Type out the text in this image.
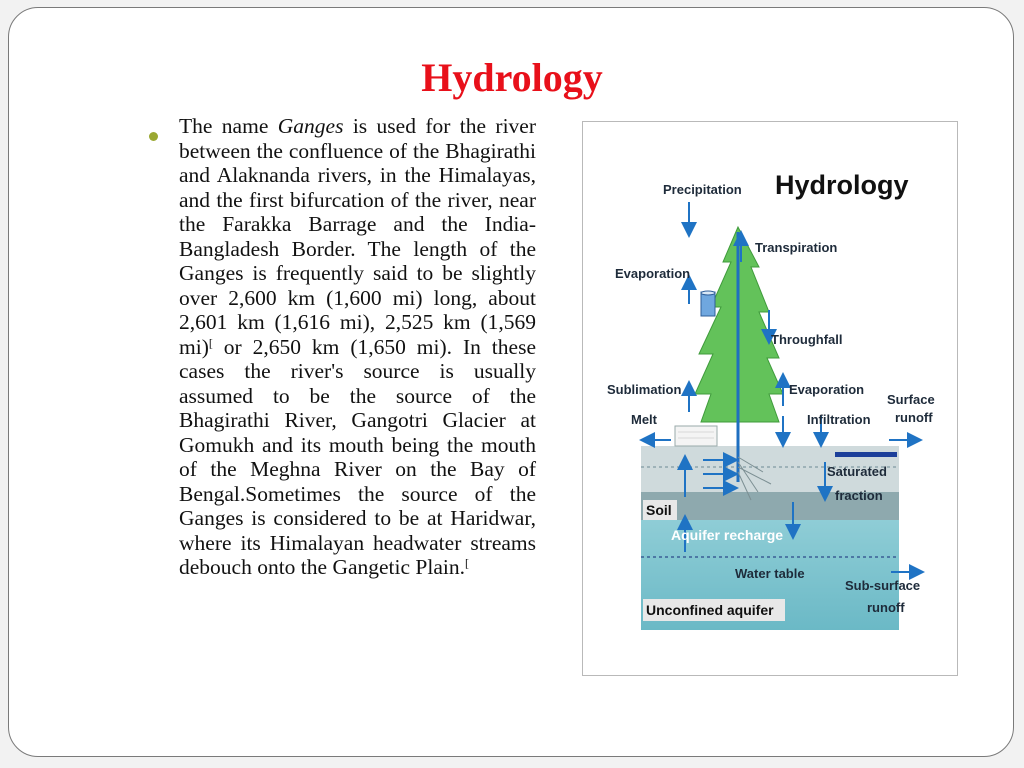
Hydrology

The name Ganges is used for the river between the confluence of the Bhagirathi and Alaknanda rivers, in the Himalayas, and the first bifurcation of the river, near the Farakka Barrage and the India-Bangladesh Border. The length of the Ganges is frequently said to be slightly over 2,600 km (1,600 mi) long, about 2,601 km (1,616 mi), 2,525 km (1,569 mi)[ or 2,650 km (1,650 mi). In these cases the river's source is usually assumed to be the source of the Bhagirathi River, Gangotri Glacier at Gomukh and its mouth being the mouth of the Meghna River on the Bay of Bengal.Sometimes the source of the Ganges is considered to be at Haridwar, where its Himalayan headwater streams debouch onto the Gangetic Plain.[

Hydrology
Precipitation
Transpiration
Evaporation
Throughfall
Sublimation	Evaporation
Surface
runoff
Melt	Infiltration
Saturated
fraction
Soil
Aquifer recharge
Water table
Sub-surface
runoff
Unconfined aquifer
